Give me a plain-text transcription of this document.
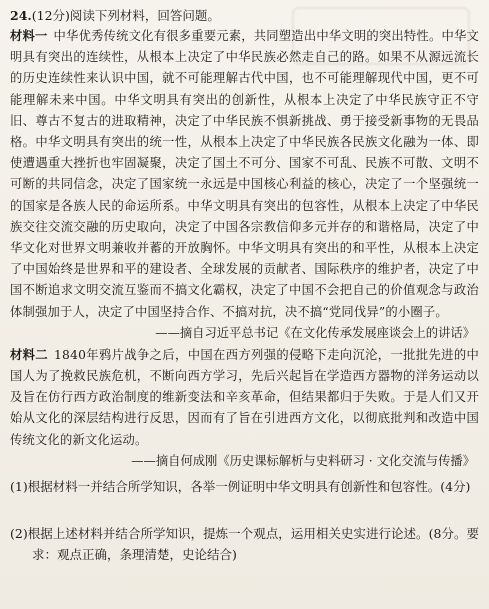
24.(12分)阅读下列材料，回答问题。

材料一 中华优秀传统文化有很多重要元素，共同塑造出中华文明的突出特性。中华文明具有突出的连续性，从根本上决定了中华民族必然走自己的路。如果不从源远流长的历史连续性来认识中国，就不可能理解古代中国，也不可能理解现代中国，更不可能理解未来中国。中华文明具有突出的创新性，从根本上决定了中华民族守正不守旧、尊古不复古的进取精神，决定了中华民族不惧新挑战、勇于接受新事物的无畏品格。中华文明具有突出的统一性，从根本上决定了中华民族各民族文化融为一体、即使遭遇重大挫折也牢固凝聚，决定了国土不可分、国家不可乱、民族不可散、文明不可断的共同信念，决定了国家统一永远是中国核心利益的核心，决定了一个坚强统一的国家是各族人民的命运所系。中华文明具有突出的包容性，从根本上决定了中华民族交往交流交融的历史取向，决定了中国各宗教信仰多元并存的和谐格局，决定了中华文化对世界文明兼收并蓄的开放胸怀。中华文明具有突出的和平性，从根本上决定了中国始终是世界和平的建设者、全球发展的贡献者、国际秩序的维护者，决定了中国不断追求文明交流互鉴而不搞文化霸权，决定了中国不会把自己的价值观念与政治体制强加于人，决定了中国坚持合作、不搞对抗，决不搞“党同伐异”的小圈子。

——摘自习近平总书记《在文化传承发展座谈会上的讲话》

材料二 1840年鸦片战争之后，中国在西方列强的侵略下走向沉沦，一批批先进的中国人为了挽救民族危机，不断向西方学习，先后兴起旨在学造西方器物的洋务运动以及旨在仿行西方政治制度的维新变法和辛亥革命，但结果都归于失败。于是人们又开始从文化的深层结构进行反思，因而有了旨在引进西方文化，以彻底批判和改造中国传统文化的新文化运动。

——摘自何成刚《历史课标解析与史料研习 · 文化交流与传播》

(1)根据材料一并结合所学知识，各举一例证明中华文明具有创新性和包容性。(4分)

(2)根据上述材料并结合所学知识，提炼一个观点，运用相关史实进行论述。(8分。要求：观点正确，条理清楚，史论结合)
